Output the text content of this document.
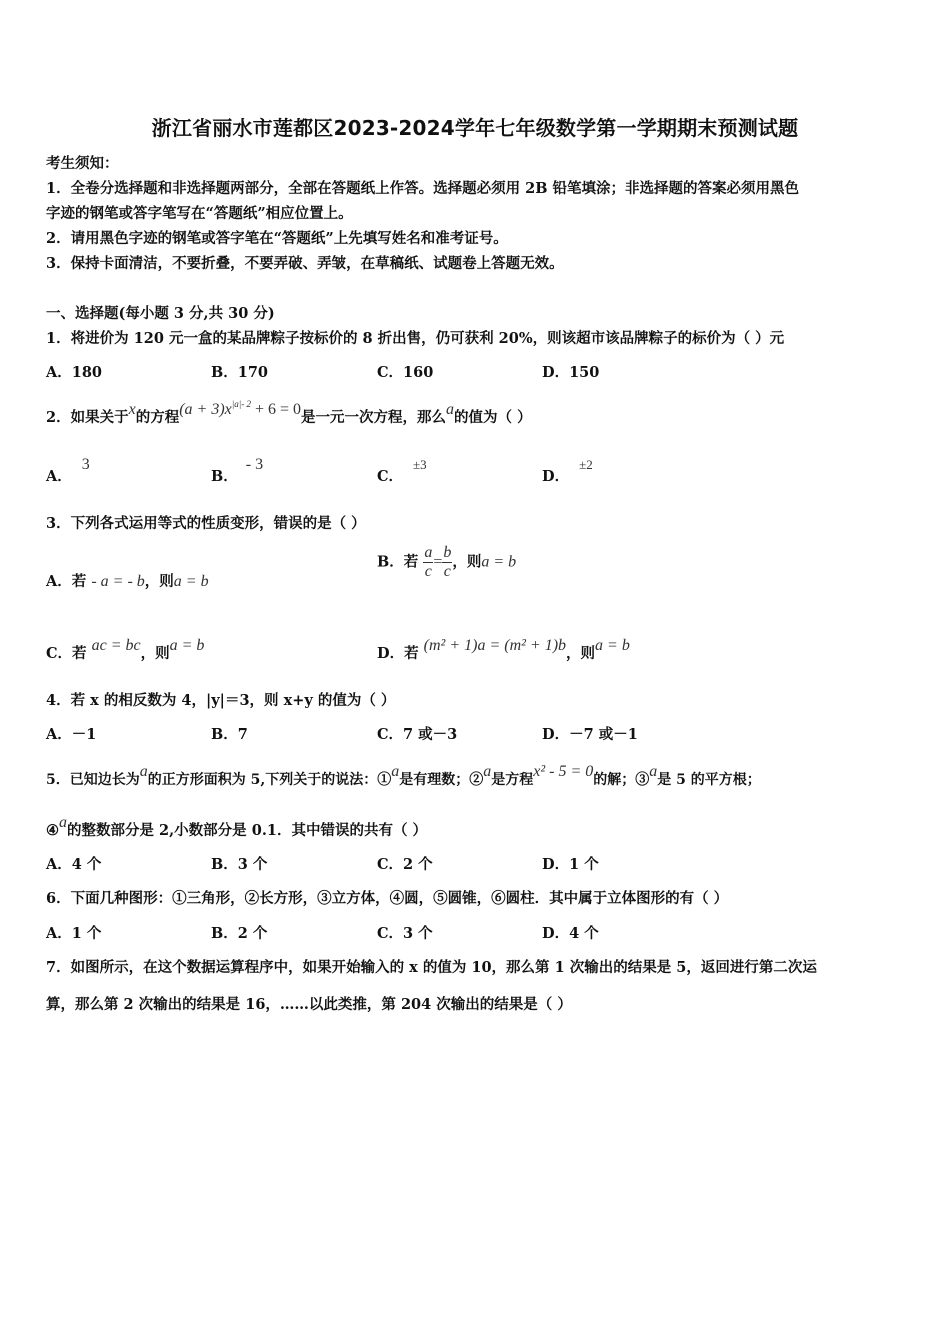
浙江省丽水市莲都区2023-2024学年七年级数学第一学期期末预测试题
考生须知：
1．全卷分选择题和非选择题两部分，全部在答题纸上作答。选择题必须用 2B 铅笔填涂；非选择题的答案必须用黑色
字迹的钢笔或答字笔写在“答题纸”相应位置上。
2．请用黑色字迹的钢笔或答字笔在“答题纸”上先填写姓名和准考证号。
3．保持卡面清洁，不要折叠，不要弄破、弄皱，在草稿纸、试题卷上答题无效。
一、选择题(每小题 3 分,共 30 分)
1．将进价为 120 元一盒的某品牌粽子按标价的 8 折出售，仍可获利 20%，则该超市该品牌粽子的标价为（ ）元
A．180	B．170	C．160	D．150
2．如果关于x的方程$(a + 3)x^{|a|- 2} + 6 = 0$是一元一次方程，那么a的值为（ ）
A．3
B．- 3
C．±3
D．±2
3．下列各式运用等式的性质变形，错误的是（ ）
A．若 - a = - b，则a = b
B．若 $\frac{a}{c} = \frac{b}{c}$ ，则a = b
C．若 ac = bc，则a = b	D．若 (m² + 1)a = (m² + 1)b，则a = b
4．若 x 的相反数为 4，|y|＝3，则 x+y 的值为（ ）
A．－1	B．7	C．7 或－3	D．－7 或－1
5．已知边长为a的正方形面积为 5,下列关于的说法：①a是有理数；②a是方程x² - 5 = 0的解；③a是 5 的平方根；
④a的整数部分是 2,小数部分是 0.1．其中错误的共有（ ）
A．4 个	B．3 个	C．2 个	D．1 个
6．下面几种图形：①三角形，②长方形，③立方体，④圆，⑤圆锥，⑥圆柱．其中属于立体图形的有（ ）
A．1 个	B．2 个	C．3 个	D．4 个
7．如图所示，在这个数据运算程序中，如果开始输入的 x 的值为 10，那么第 1 次输出的结果是 5，返回进行第二次运
算，那么第 2 次输出的结果是 16，……以此类推，第 204 次输出的结果是（ ）
